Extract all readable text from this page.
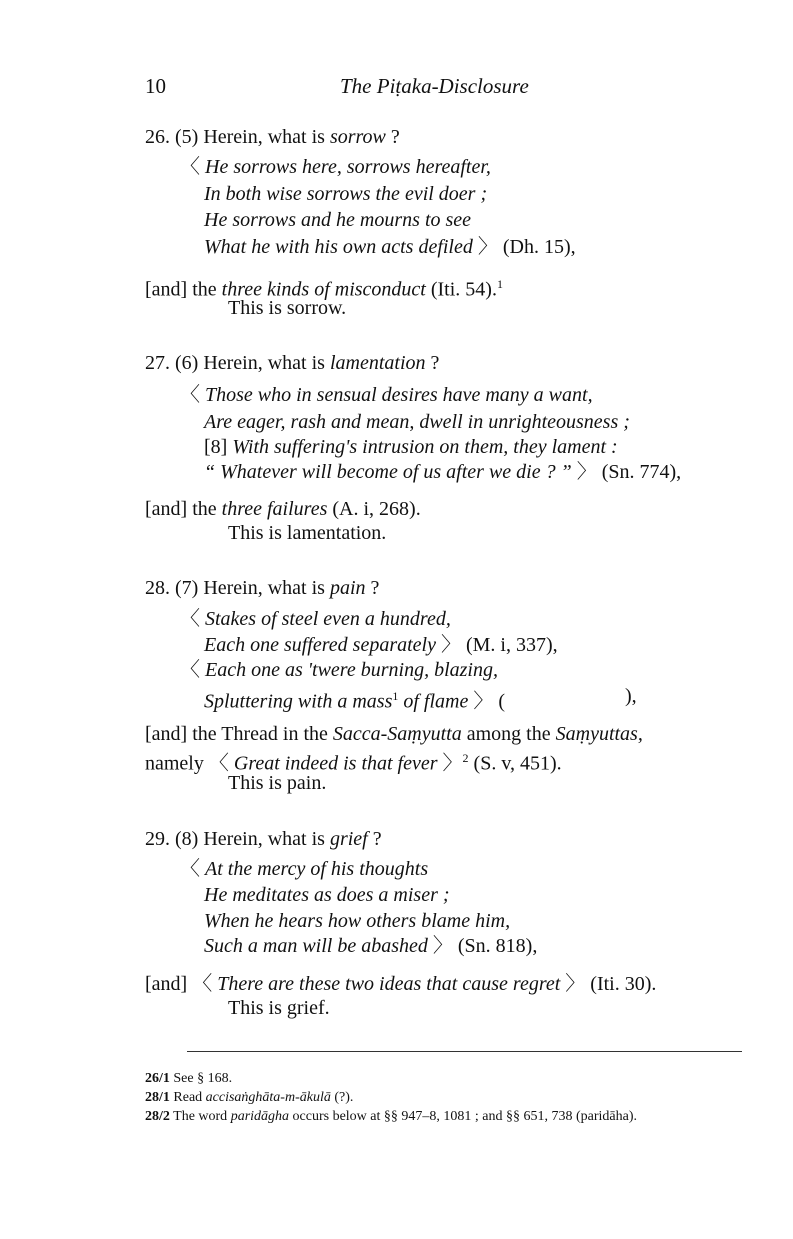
10	The Piṭaka-Disclosure
26. (5) Herein, what is sorrow ?
〈 He sorrows here, sorrows hereafter,
In both wise sorrows the evil doer ;
He sorrows and he mourns to see
What he with his own acts defiled 〉 (Dh. 15),
[and] the three kinds of misconduct (Iti. 54).$^1$
This is sorrow.
27. (6) Herein, what is lamentation ?
〈 Those who in sensual desires have many a want,
Are eager, rash and mean, dwell in unrighteousness ;
[8] With suffering's intrusion on them, they lament :
“ Whatever will become of us after we die ? ” 〉 (Sn. 774),
[and] the three failures (A. i, 268).
This is lamentation.
28. (7) Herein, what is pain ?
〈 Stakes of steel even a hundred,
Each one suffered separately 〉 (M. i, 337),
〈 Each one as 'twere burning, blazing,
Spluttering with a mass$^1$ of flame 〉 (	),
[and] the Thread in the Sacca-Saṃyutta among the Saṃyuttas,
namely 〈 Great indeed is that fever 〉$^2$ (S. v, 451).
This is pain.
29. (8) Herein, what is grief ?
〈 At the mercy of his thoughts
He meditates as does a miser ;
When he hears how others blame him,
Such a man will be abashed 〉 (Sn. 818),
[and] 〈 There are these two ideas that cause regret 〉 (Iti. 30).
This is grief.
26/1 See § 168.
28/1 Read accisaṅghāta-m-ākulā (?).
28/2 The word paridāgha occurs below at §§ 947–8, 1081 ; and §§ 651, 738 (paridāha).
